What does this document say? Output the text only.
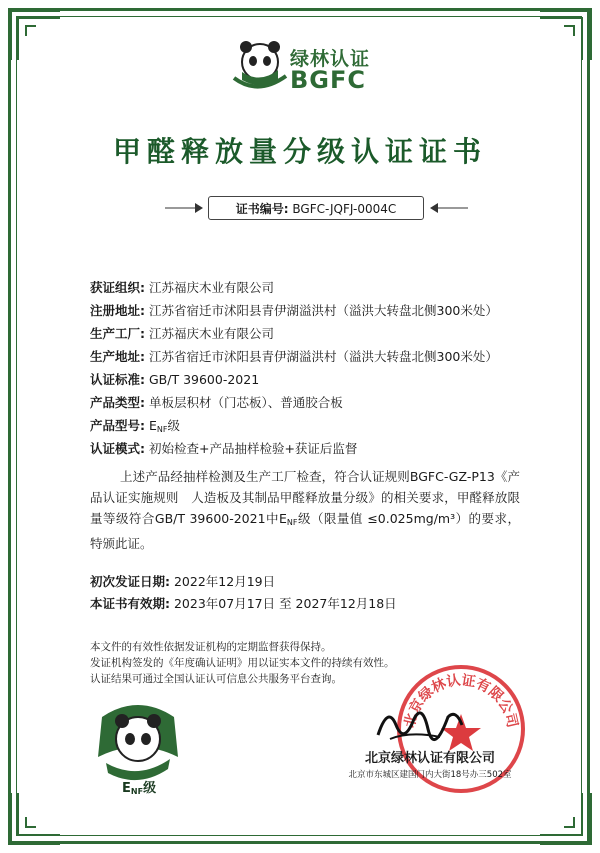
绿林认证
BGFC
甲醛释放量分级认证证书
证书编号: BGFC-JQFJ-0004C
获证组织: 江苏福庆木业有限公司
注册地址: 江苏省宿迁市沭阳县青伊湖溢洪村（溢洪大转盘北侧300米处）
生产工厂: 江苏福庆木业有限公司
生产地址: 江苏省宿迁市沭阳县青伊湖溢洪村（溢洪大转盘北侧300米处）
认证标准: GB/T 39600-2021
产品类型: 单板层积材（门芯板）、普通胶合板
产品型号: $E_{NF}$级
认证模式: 初始检查+产品抽样检验+获证后监督
上述产品经抽样检测及生产工厂检查，符合认证规则BGFC-GZ-P13《产品认证实施规则　人造板及其制品甲醛释放量分级》的相关要求，甲醛释放限量等级符合GB/T 39600-2021中$E_{NF}$级（限量值 ≤0.025mg/m³）的要求，特颁此证。
初次发证日期: 2022年12月19日
本证书有效期: 2023年07月17日 至 2027年12月18日
本文件的有效性依据发证机构的定期监督获得保持。
发证机构签发的《年度确认证明》用以证实本文件的持续有效性。
认证结果可通过全国认证认可信息公共服务平台查询。
$E_{NF}$级
北京绿林认证有限公司
北京绿林认证有限公司
北京市东城区建国门内大街18号办三502室
